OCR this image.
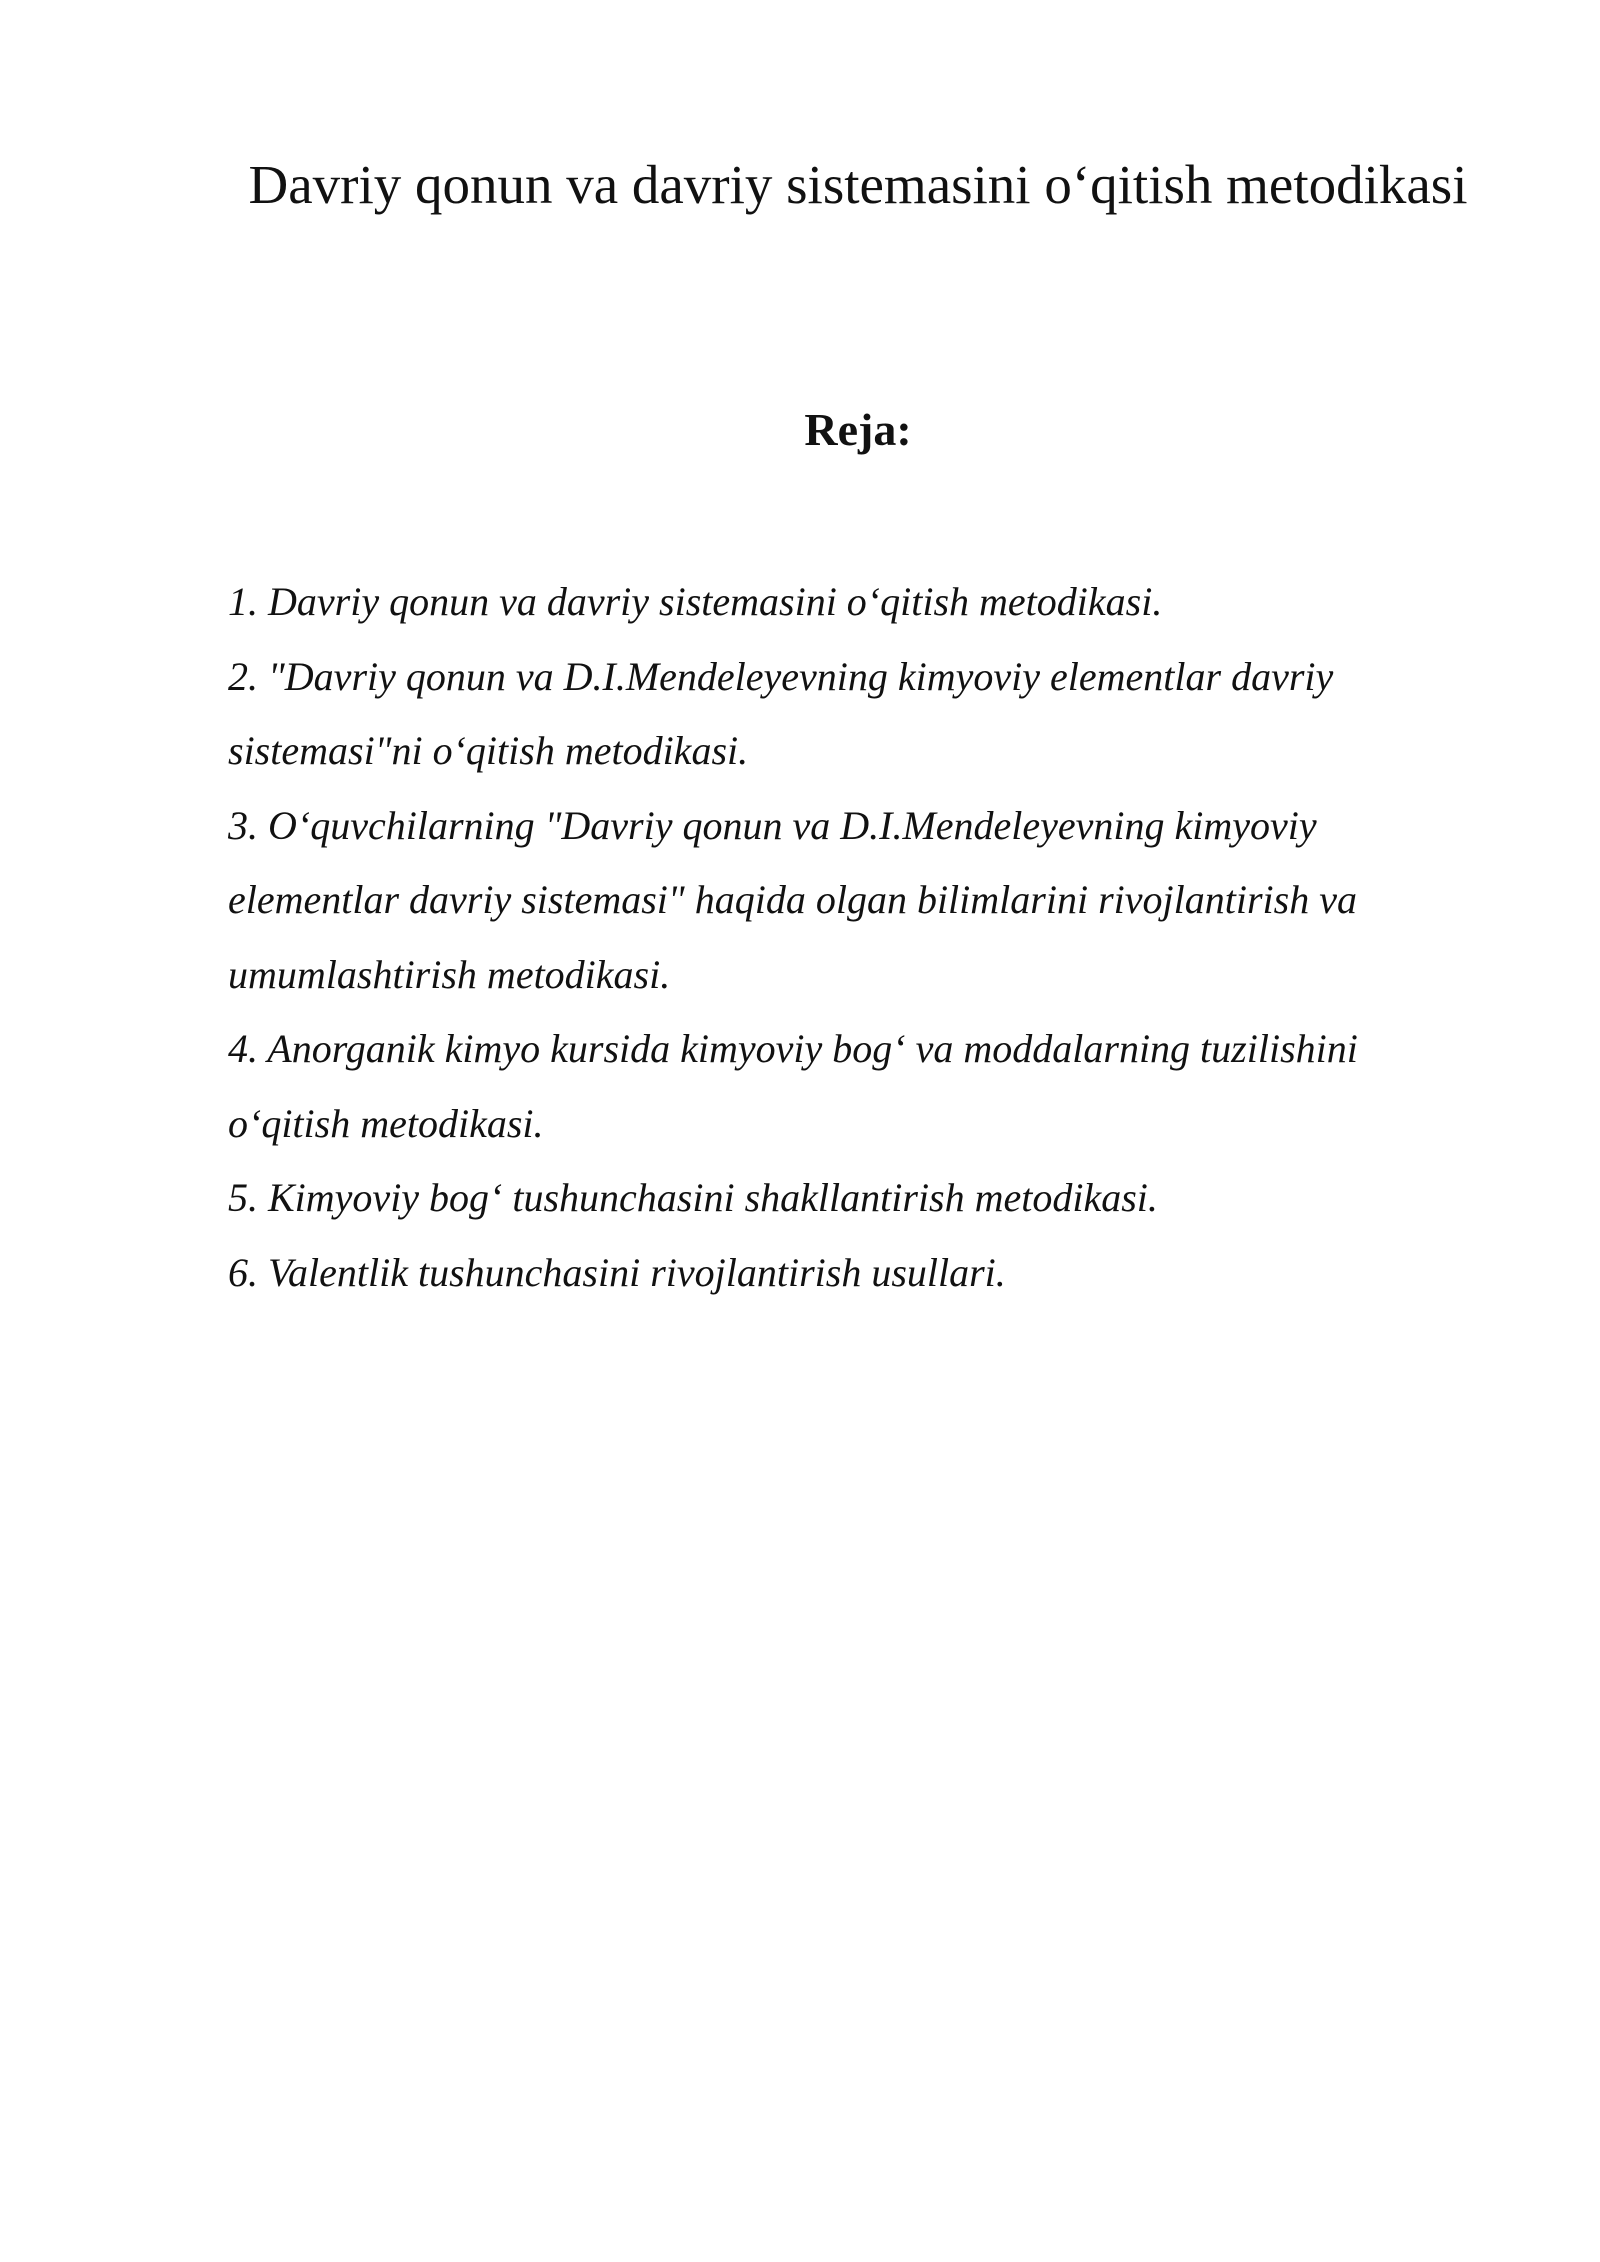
Davriy qonun va davriy sistemasini o‘qitish metodikasi
Reja:
1. Davriy qonun va davriy sistemasini o‘qitish metodikasi.
2. "Davriy qonun va D.I.Mendeleyevning kimyoviy elementlar davriy sistemasi"ni o‘qitish metodikasi.
3. O‘quvchilarning "Davriy qonun va D.I.Mendeleyevning kimyoviy elementlar davriy sistemasi" haqida olgan bilimlarini rivojlantirish va umumlashtirish metodikasi.
4. Anorganik kimyo kursida kimyoviy bog‘ va moddalarning tuzilishini o‘qitish metodikasi.
5. Kimyoviy bog‘ tushunchasini shakllantirish metodikasi.
6. Valentlik tushunchasini rivojlantirish usullari.
